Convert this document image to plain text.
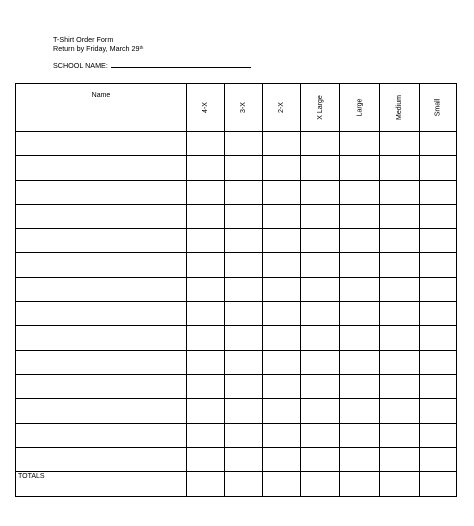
T-Shirt Order Form
Return by Friday, March 29th
SCHOOL NAME:
Name	4-X	3-X	2-X	X Large	Large	Medium	Small

TOTALS							
